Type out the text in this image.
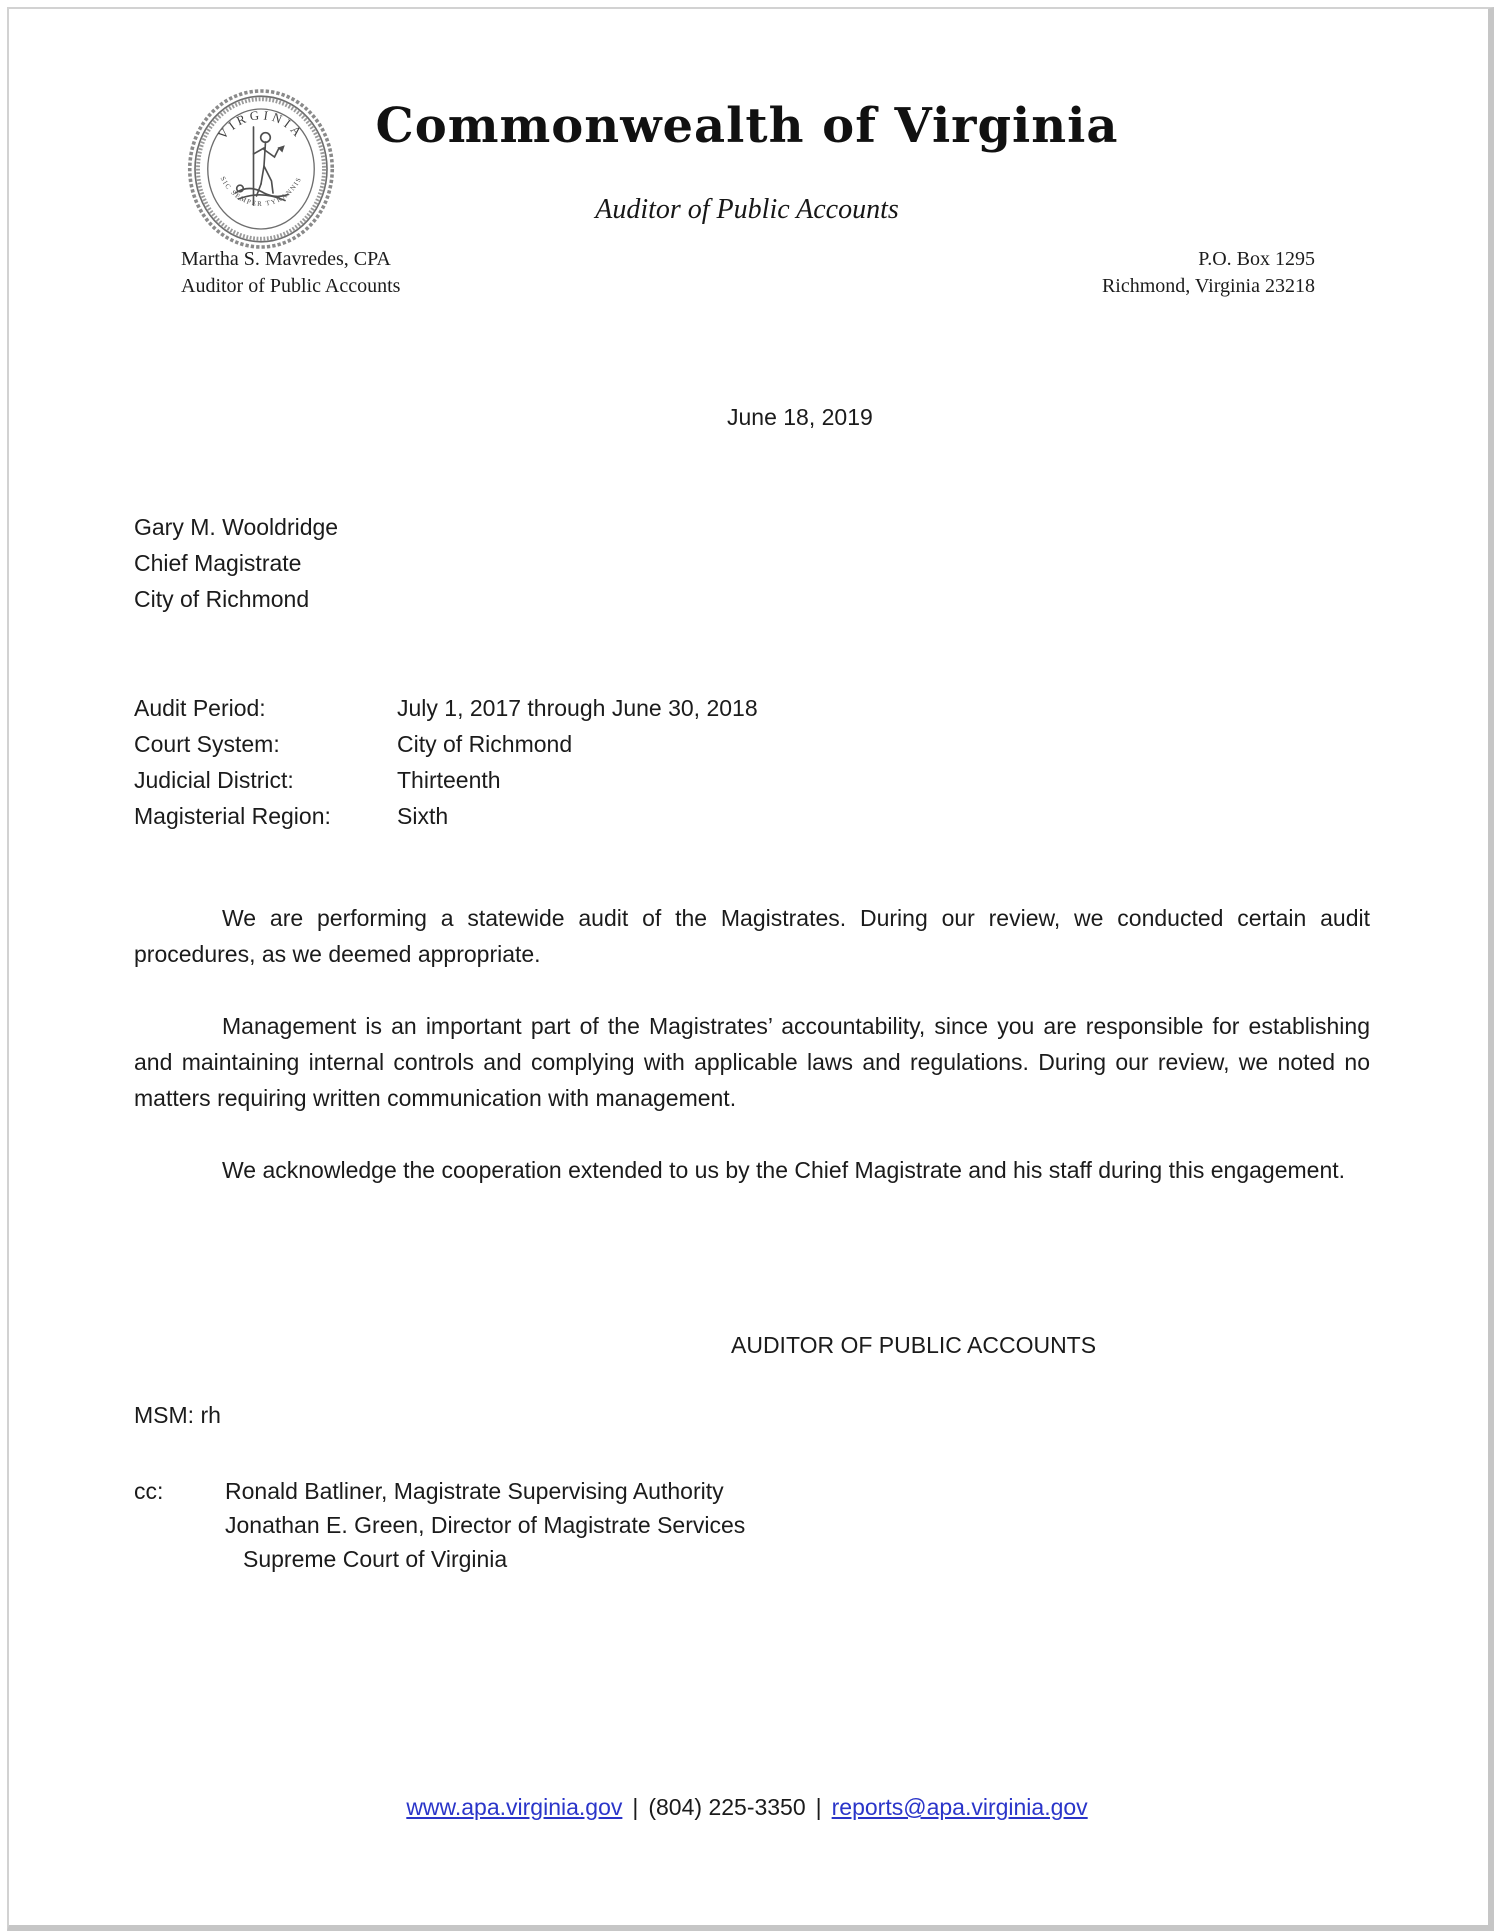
VIRGINIA
SIC SEMPER TYRANNIS
Commonwealth of Virginia
Auditor of Public Accounts
Martha S. Mavredes, CPA
Auditor of Public Accounts
P.O. Box 1295
Richmond, Virginia 23218
June 18, 2019
Gary M. Wooldridge
Chief Magistrate
City of Richmond
Audit Period:	July 1, 2017 through June 30, 2018
Court System:	City of Richmond
Judicial District:	Thirteenth
Magisterial Region:	Sixth

We are performing a statewide audit of the Magistrates. During our review, we conducted certain audit procedures, as we deemed appropriate.

Management is an important part of the Magistrates’ accountability, since you are responsible for establishing and maintaining internal controls and complying with applicable laws and regulations. During our review, we noted no matters requiring written communication with management.

We acknowledge the cooperation extended to us by the Chief Magistrate and his staff during this engagement.

AUDITOR OF PUBLIC ACCOUNTS
MSM: rh
cc:	Ronald Batliner, Magistrate Supervising Authority
Jonathan E. Green, Director of Magistrate Services
Supreme Court of Virginia
www.apa.virginia.gov | (804) 225-3350 | reports@apa.virginia.gov
